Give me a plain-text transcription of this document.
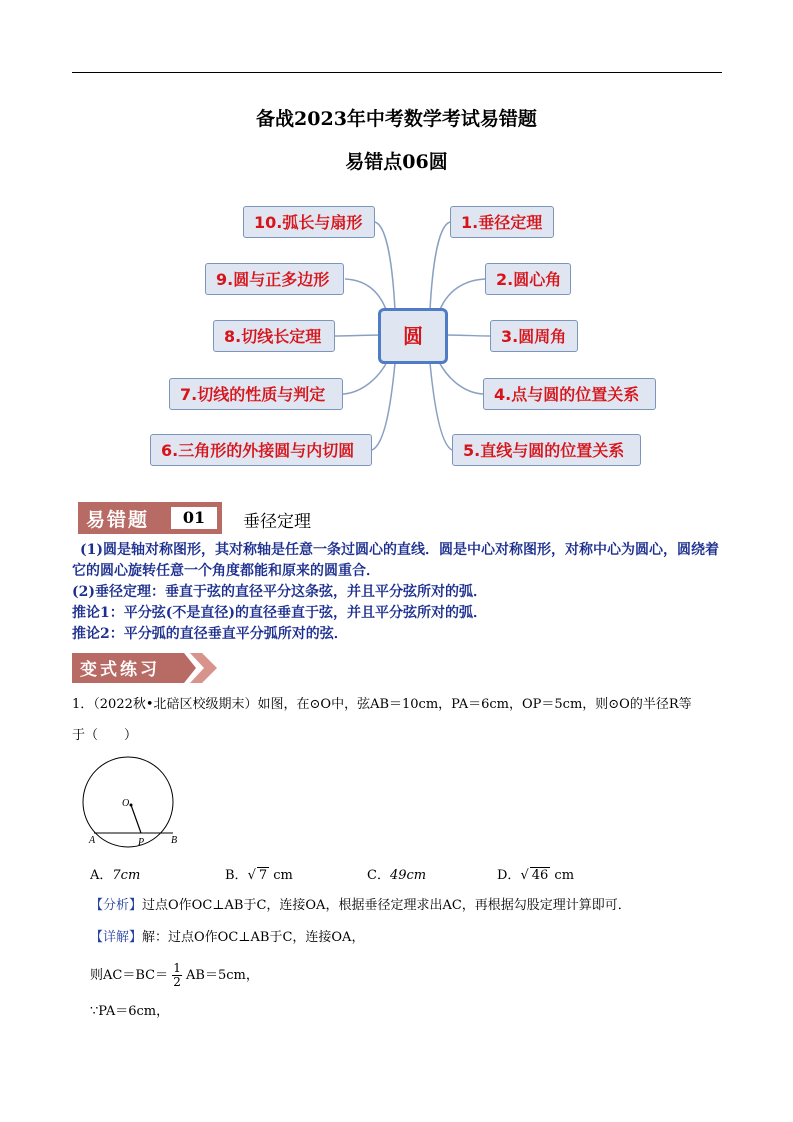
备战2023年中考数学考试易错题
易错点06圆
圆
10.弧长与扇形
9.圆与正多边形
8.切线长定理
7.切线的性质与判定
6.三角形的外接圆与内切圆
1.垂径定理
2.圆心角
3.圆周角
4.点与圆的位置关系
5.直线与圆的位置关系
易错题	01	垂径定理
(1)圆是轴对称图形，其对称轴是任意一条过圆心的直线．圆是中心对称图形，对称中心为圆心，圆绕着它的圆心旋转任意一个角度都能和原来的圆重合．
(2)垂径定理：垂直于弦的直径平分这条弦，并且平分弦所对的弧．
推论1：平分弦(不是直径)的直径垂直于弦，并且平分弦所对的弧．
推论2：平分弧的直径垂直平分弧所对的弦．
变式练习
1．（2022秋•北碚区校级期末）如图，在⊙O中，弦AB＝10cm，PA＝6cm，OP＝5cm，则⊙O的半径R等
于（　　）
O
A	P	B
A．7cm	B．√ 7 cm	C．49cm	D．√ 46 cm
【分析】过点O作OC⊥AB于C，连接OA，根据垂径定理求出AC，再根据勾股定理计算即可．
【详解】解：过点O作OC⊥AB于C，连接OA，
则$AC=BC= \frac{1}{2} AB=5cm$，
∵PA＝6cm，
